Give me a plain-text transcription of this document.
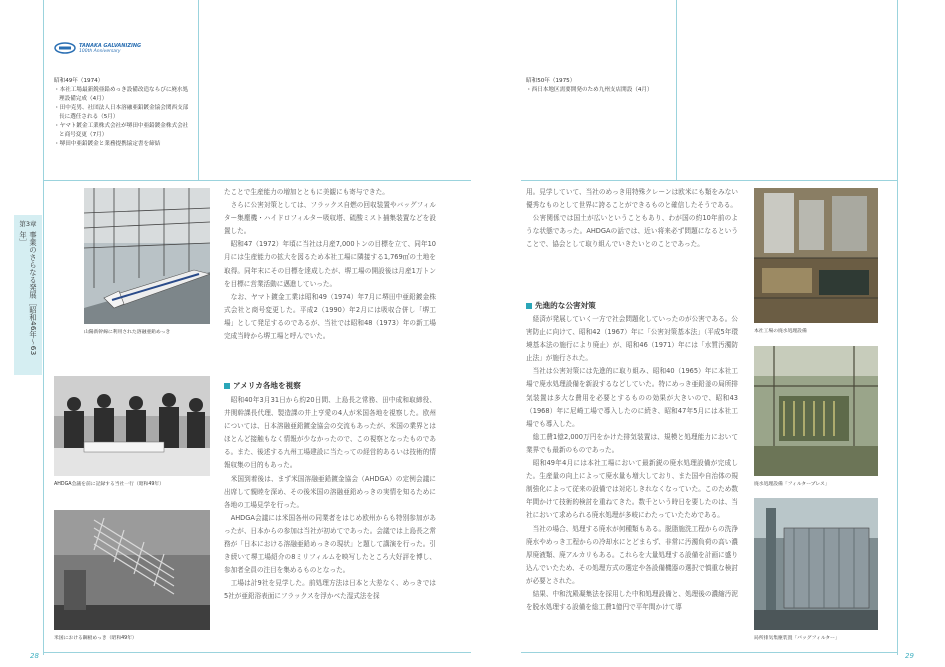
TANAKA GALVANIZING
100th Anniversary
昭和49年（1974）
・本社工場最新鋭亜鉛めっき設備改造ならびに廃水処理設備完成（4月）
・田中克男、社団法人日本溶融亜鉛鍍金協会関西支部長に選任される（5月）
・ヤマト鍍金工業株式会社が堺田中亜鉛鍍金株式会社と商号変更（7月）
・堺田中亜鉛鍍金と業務提携協定書を締結
昭和50年（1975）
・西日本地区需要開発のため九州支店開設（4月）
第3章
事業のさらなる発展［昭和46年〜63年］
山陽新幹線に利用された溶融亜鉛めっき
AHDGA会議を前に記録する当社一行（昭和49年）
米国における鋼板めっき（昭和49年）
たことで生産能力の増加とともに美観にも寄与できた。
　さらに公害対策としては、フラックス自燃の回収装置やバッグフィルター集塵機・ハイドロフィルター吸収塔、硫酸ミスト捕集装置などを設置した。
　昭和47（1972）年頃に当社は月産7,000トンの目標を立て、同年10月には生産能力の拡大を図るため本社工場に隣接する1,769㎡の土地を取得。同年末にその目標を達成したが、堺工場の開設後は月産1万トンを目標に営業活動に邁進していった。
　なお、ヤマト鍍金工業は昭和49（1974）年7月に堺田中亜鉛鍍金株式会社と商号変更した。平成2（1990）年2月には吸収合併し「堺工場」として発足するのであるが、当社では昭和48（1973）年の新工場完成当時から堺工場と呼んでいた。
アメリカ各地を視察
　昭和40年3月31日から約20日間、上島長之常務、田中成和取締役、井関幹課長代理、製造課の井上亨愛の4人が米国各地を視察した。欧州については、日本溶融亜鉛鍍金協会の交流もあったが、米国の業界とはほとんど接触もなく情報が少なかったので、この視察となったものである。また、後述する九州工場建設に当たっての経営的あるいは技術的情報収集の目的もあった。
　米国到着後は、まず米国溶融亜鉛鍍金協会（AHDGA）の定例会議に出席して親睦を深め、その後米国の溶融亜鉛めっきの実情を知るために各地の工場見学を行った。
　AHDGA会議には米国各州の同業者をはじめ欧州からも特別参加があったが、日本からの参加は当社が初めてであった。会議では上島長之常務が「日本における溶融亜鉛めっきの現状」と題して講演を行った。引き続いて堺工場紹介の8ミリフィルムを映写したところ大好評を博し、参加者全員の注目を集めるものとなった。
　工場は計9社を見学した。前処理方法は日本と大差なく、めっきでは5社が亜鉛浴表面にフラックスを浮かべた湿式法を採
用。見学していて、当社のめっき用特殊クレーンは欧米にも類をみない優秀なものとして世界に誇ることができるものと確信したそうである。
　公害関係では国土が広いということもあり、わが国の約10年前のような状態であった。AHDGAの話では、近い将来必ず問題になるということで、協会として取り組んでいきたいとのことであった。
先進的な公害対策
　経済が発展していく一方で社会問題化していったのが公害である。公害防止に向けて、昭和42（1967）年に「公害対策基本法」（平成5年環境基本法の施行により廃止）が、昭和46（1971）年には「水質汚濁防止法」が施行された。
　当社は公害対策には先進的に取り組み、昭和40（1965）年に本社工場で廃水処理設備を新設するなどしていた。特にめっき亜鉛釜の局所排気装置は多大な費用を必要とするものの効果が大きいので、昭和43（1968）年に尼崎工場で導入したのに続き、昭和47年5月には本社工場でも導入した。
　総工費1億2,000万円をかけた排気装置は、規模と処理能力において業界でも最新のものであった。
　昭和49年4月には本社工場において最新鋭の廃水処理設備が完成した。生産量の向上によって廃水量も増大しており、また国や自治体の規制強化によって従来の設備では対応しきれなくなっていた。このため数年間かけて技術的検討を重ねてきた。数千という時日を要したのは、当社において求められる廃水処理が多岐にわたっていたためである。
　当社の場合、処理する廃水が何種類もある。脱脂施洗工程からの洗浄廃水やめっき工程からの冷却水にとどまらず、非常に汚濁負荷の高い濃厚廃液類、廃アルカリもある。これらを大量処理する設備を計画に盛り込んでいたため、その処理方式の選定や各設備機器の選択で慎重な検討が必要とされた。
　結果、中和沈殿凝集法を採用した中和処理設備と、処理後の濃縮汚泥を脱水処理する設備を総工費1億円で平年間かけて導
本社工場の廃水処理設備
廃水処理設備「フィルタープレス」
局所排気集塵装置「バッグフィルター」
28	29
